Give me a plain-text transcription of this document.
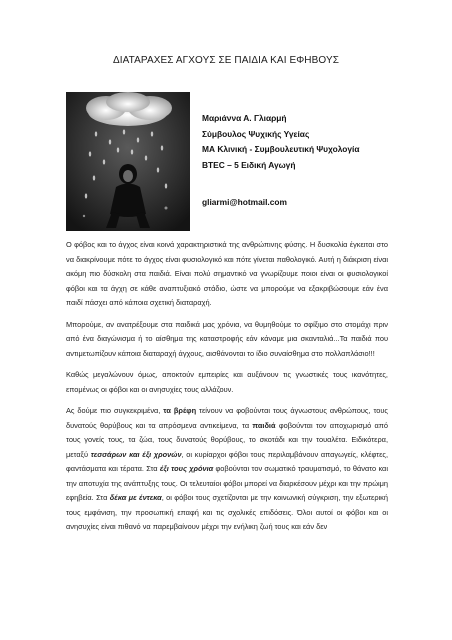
ΔΙΑΤΑΡΑΧΕΣ ΑΓΧΟΥΣ ΣΕ ΠΑΙΔΙΑ ΚΑΙ ΕΦΗΒΟΥΣ
Μαριάννα Α. Γλιαρμή
Σύμβουλος Ψυχικής Υγείας
ΜΑ Κλινική - Συμβουλευτική Ψυχολογία
BTEC – 5 Ειδική Αγωγή
gliarmi@hotmail.com

Ο φόβος και το άγχος είναι κοινά χαρακτηριστικά της ανθρώπινης φύσης. Η δυσκολία έγκειται στο να διακρίνουμε πότε το άγχος είναι φυσιολογικό και πότε γίνεται παθολογικό. Αυτή η διάκριση είναι ακόμη πιο δύσκολη στα παιδιά. Είναι πολύ σημαντικό να γνωρίζουμε ποιοι είναι οι φυσιολογικοί φόβοι και τα άγχη σε κάθε αναπτυξιακό στάδιο, ώστε να μπορούμε να εξακριβώσουμε εάν ένα παιδί πάσχει από κάποια σχετική διαταραχή.

Μπορούμε, αν ανατρέξουμε στα παιδικά μας χρόνια, να θυμηθούμε το σφίξιμο στο στομάχι πριν από ένα διαγώνισμα ή το αίσθημα της καταστροφής εάν κάναμε μια σκανταλιά...Τα παιδιά που αντιμετωπίζουν κάποια διαταραχή άγχους, αισθάνονται το ίδιο συναίσθημα στο πολλαπλάσιο!!!

Καθώς μεγαλώνουν όμως, αποκτούν εμπειρίες και αυξάνουν τις γνωστικές τους ικανότητες, επομένως οι φόβοι και οι ανησυχίες τους αλλάζουν.

Ας δούμε πιο συγκεκριμένα, τα βρέφη τείνουν να φοβούνται τους άγνωστους ανθρώπους, τους δυνατούς θορύβους και τα απρόσμενα αντικείμενα, τα παιδιά φοβούνται τον αποχωρισμό από τους γονείς τους, τα ζώα, τους δυνατούς θορύβους, το σκοτάδι και την τουαλέτα. Ειδικότερα, μεταξύ τεσσάρων και έξι χρονών, οι κυρίαρχοι φόβοι τους περιλαμβάνουν απαγωγείς, κλέφτες, φαντάσματα και τέρατα. Στα έξι τους χρόνια φοβούνται τον σωματικό τραυματισμό, το θάνατο και την αποτυχία της ανάπτυξης τους. Οι τελευταίοι φόβοι μπορεί να διαρκέσουν μέχρι και την πρώιμη εφηβεία. Στα δέκα με έντεκα, οι φόβοι τους σχετίζονται με την κοινωνική σύγκριση, την εξωτερική τους εμφάνιση, την προσωπική επαφή και τις σχολικές επιδόσεις. Όλοι αυτοί οι φόβοι και οι ανησυχίες είναι πιθανό να παρεμβαίνουν μέχρι την ενήλικη ζωή τους και εάν δεν
